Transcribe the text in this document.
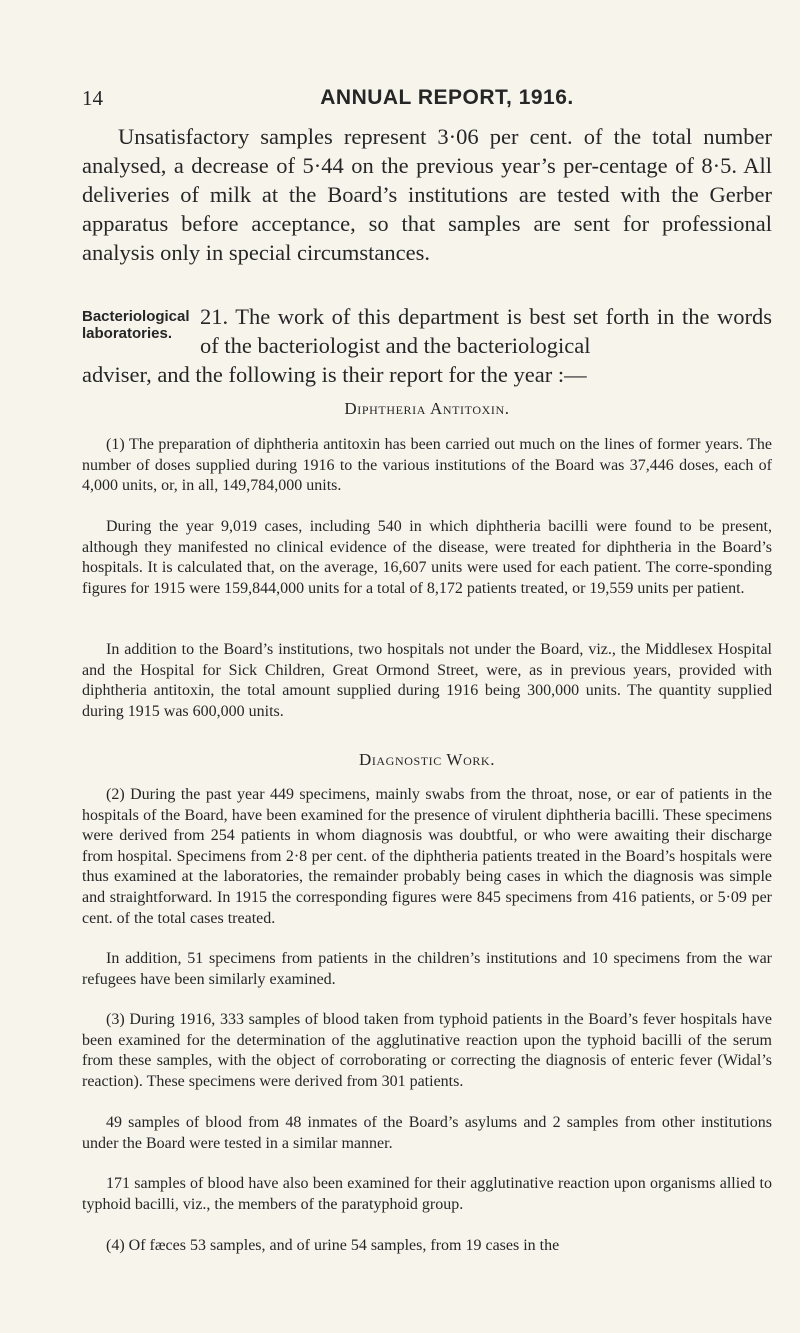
14	ANNUAL REPORT, 1916.

Unsatisfactory samples represent 3·06 per cent. of the total number analysed, a decrease of 5·44 on the previous year’s per-centage of 8·5. All deliveries of milk at the Board’s institutions are tested with the Gerber apparatus before acceptance, so that samples are sent for professional analysis only in special circumstances.

Bacteriological laboratories.

21. The work of this department is best set forth in the words of the bacteriologist and the bacteriological
adviser, and the following is their report for the year :—

Diphtheria Antitoxin.

(1) The preparation of diphtheria antitoxin has been carried out much on the lines of former years. The number of doses supplied during 1916 to the various institutions of the Board was 37,446 doses, each of 4,000 units, or, in all, 149,784,000 units.

During the year 9,019 cases, including 540 in which diphtheria bacilli were found to be present, although they manifested no clinical evidence of the disease, were treated for diphtheria in the Board’s hospitals. It is calculated that, on the average, 16,607 units were used for each patient. The corre-sponding figures for 1915 were 159,844,000 units for a total of 8,172 patients treated, or 19,559 units per patient.

In addition to the Board’s institutions, two hospitals not under the Board, viz., the Middlesex Hospital and the Hospital for Sick Children, Great Ormond Street, were, as in previous years, provided with diphtheria antitoxin, the total amount supplied during 1916 being 300,000 units. The quantity supplied during 1915 was 600,000 units.

Diagnostic Work.

(2) During the past year 449 specimens, mainly swabs from the throat, nose, or ear of patients in the hospitals of the Board, have been examined for the presence of virulent diphtheria bacilli. These specimens were derived from 254 patients in whom diagnosis was doubtful, or who were awaiting their discharge from hospital. Specimens from 2·8 per cent. of the diphtheria patients treated in the Board’s hospitals were thus examined at the laboratories, the remainder probably being cases in which the diagnosis was simple and straightforward. In 1915 the corresponding figures were 845 specimens from 416 patients, or 5·09 per cent. of the total cases treated.

In addition, 51 specimens from patients in the children’s institutions and 10 specimens from the war refugees have been similarly examined.

(3) During 1916, 333 samples of blood taken from typhoid patients in the Board’s fever hospitals have been examined for the determination of the agglutinative reaction upon the typhoid bacilli of the serum from these samples, with the object of corroborating or correcting the diagnosis of enteric fever (Widal’s reaction). These specimens were derived from 301 patients.

49 samples of blood from 48 inmates of the Board’s asylums and 2 samples from other institutions under the Board were tested in a similar manner.

171 samples of blood have also been examined for their agglutinative reaction upon organisms allied to typhoid bacilli, viz., the members of the paratyphoid group.

(4) Of fæces 53 samples, and of urine 54 samples, from 19 cases in the
